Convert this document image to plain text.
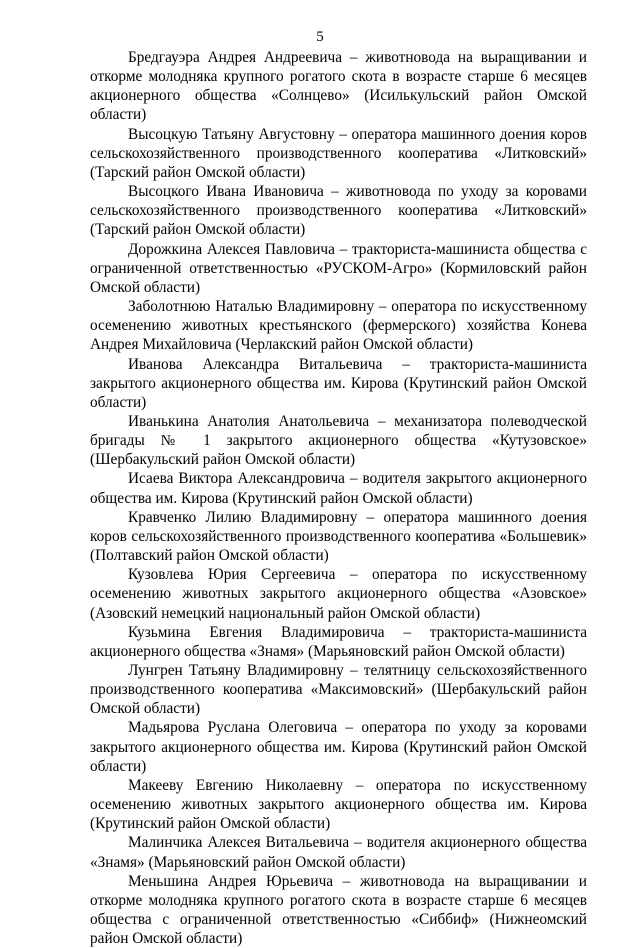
5

Бредгауэра Андрея Андреевича – животновода на выращивании и откорме молодняка крупного рогатого скота в возрасте старше 6 месяцев акционерного общества «Солнцево» (Исилькульский район Омской области)

Высоцкую Татьяну Августовну – оператора машинного доения коров сельскохозяйственного производственного кооператива «Литковский» (Тарский район Омской области)

Высоцкого Ивана Ивановича – животновода по уходу за коровами сельскохозяйственного производственного кооператива «Литковский» (Тарский район Омской области)

Дорожкина Алексея Павловича – тракториста-машиниста общества с ограниченной ответственностью «РУСКОМ-Агро» (Кормиловский район Омской области)

Заболотнюю Наталью Владимировну – оператора по искусственному осеменению животных крестьянского (фермерского) хозяйства Конева Андрея Михайловича (Черлакский район Омской области)

Иванова Александра Витальевича – тракториста-машиниста закрытого акционерного общества им. Кирова (Крутинский район Омской области)

Иванькина Анатолия Анатольевича – механизатора полеводческой бригады № 1 закрытого акционерного общества «Кутузовское» (Шербакульский район Омской области)

Исаева Виктора Александровича – водителя закрытого акционерного общества им. Кирова (Крутинский район Омской области)

Кравченко Лилию Владимировну – оператора машинного доения коров сельскохозяйственного производственного кооператива «Большевик» (Полтавский район Омской области)

Кузовлева Юрия Сергеевича – оператора по искусственному осеменению животных закрытого акционерного общества «Азовское» (Азовский немецкий национальный район Омской области)

Кузьмина Евгения Владимировича – тракториста-машиниста акционерного общества «Знамя» (Марьяновский район Омской области)

Лунгрен Татьяну Владимировну – телятницу сельскохозяйственного производственного кооператива «Максимовский» (Шербакульский район Омской области)

Мадьярова Руслана Олеговича – оператора по уходу за коровами закрытого акционерного общества им. Кирова (Крутинский район Омской области)

Макееву Евгению Николаевну – оператора по искусственному осеменению животных закрытого акционерного общества им. Кирова (Крутинский район Омской области)

Малинчика Алексея Витальевича – водителя акционерного общества «Знамя» (Марьяновский район Омской области)

Меньшина Андрея Юрьевича – животновода на выращивании и откорме молодняка крупного рогатого скота в возрасте старше 6 месяцев общества с ограниченной ответственностью «Сиббиф» (Нижнеомский район Омской области)
